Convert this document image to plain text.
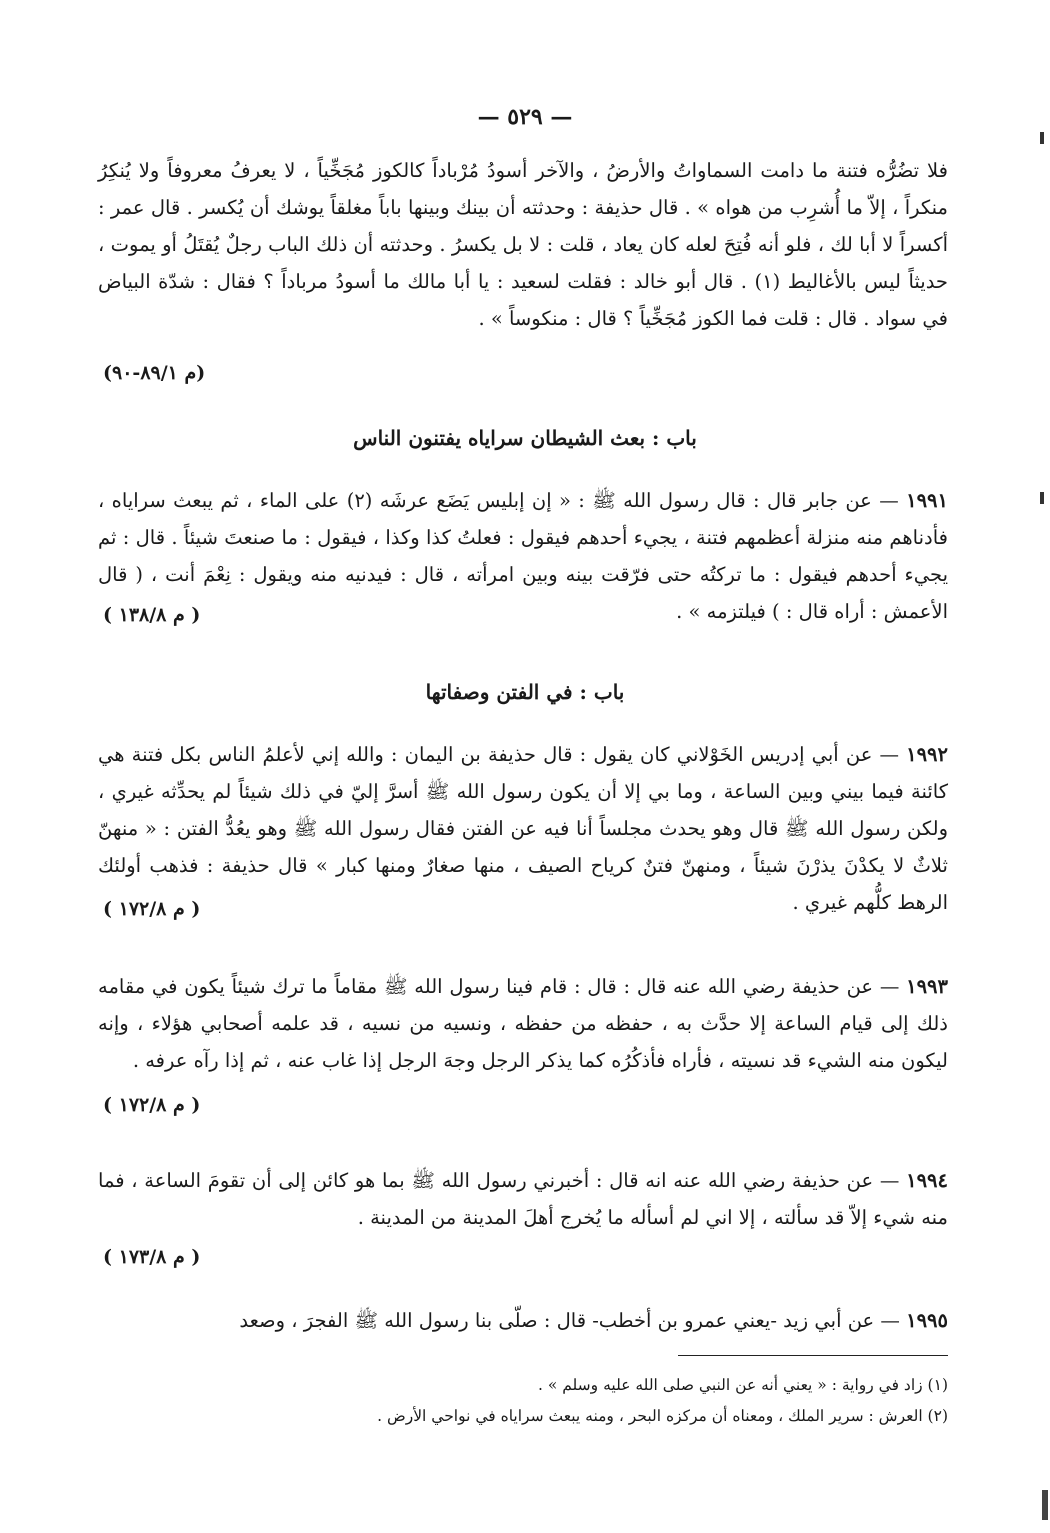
— ٥٢٩ —

فلا تضُرُّه فتنة ما دامت السماواتُ والأرضُ ، والآخر أسودُ مُرْباداً كالكوز مُجَخِّياً ، لا يعرفُ معروفاً ولا يُنكِرُ منكراً ، إلاّ ما أُشرِب من هواه » . قال حذيفة : وحدثته أن بينك وبينها باباً مغلقاً يوشك أن يُكسر . قال عمر : أكسراً لا أبا لك ، فلو أنه فُتِحَ لعله كان يعاد ، قلت : لا بل يكسرُ . وحدثته أن ذلك الباب رجلٌ يُقتَلُ أو يموت ، حديثاً ليس بالأغاليط (١) . قال أبو خالد : فقلت لسعيد : يا أبا مالك ما أسودُ مرباداً ؟ فقال : شدّة البياض في سواد . قال : قلت فما الكوز مُجَخِّياً ؟ قال : منكوساً » .

(م ٨٩/١-٩٠)
باب : بعث الشيطان سراياه يفتنون الناس

١٩٩١ — عن جابر قال : قال رسول الله ﷺ : « إن إبليس يَضَع عرشَه (٢) على الماء ، ثم يبعث سراياه ، فأدناهم منه منزلة أعظمهم فتنة ، يجيء أحدهم فيقول : فعلتُ كذا وكذا ، فيقول : ما صنعتَ شيئاً . قال : ثم يجيء أحدهم فيقول : ما تركتُه حتى فرّقت بينه وبين امرأته ، قال : فيدنيه منه ويقول : نِعْمَ أنت ، ( قال الأعمش : أراه قال : ) فيلتزمه » .

( م ١٣٨/٨ )
باب : في الفتن وصفاتها

١٩٩٢ — عن أبي إدريس الخَوْلاني كان يقول : قال حذيفة بن اليمان : والله إني لأعلمُ الناس بكل فتنة هي كائنة فيما بيني وبين الساعة ، وما بي إلا أن يكون رسول الله ﷺ أسرَّ إليّ في ذلك شيئاً لم يحدِّثه غيري ، ولكن رسول الله ﷺ قال وهو يحدث مجلساً أنا فيه عن الفتن فقال رسول الله ﷺ وهو يعُدُّ الفتن : « منهنّ ثلاثٌ لا يكدْنَ يذرْنَ شيئاً ، ومنهنّ فتنٌ كرياح الصيف ، منها صغارٌ ومنها كبار » قال حذيفة : فذهب أولئك الرهط كلُّهم غيري .

( م ١٧٢/٨ )

١٩٩٣ — عن حذيفة رضي الله عنه قال : قال : قام فينا رسول الله ﷺ مقاماً ما ترك شيئاً يكون في مقامه ذلك إلى قيام الساعة إلا حدَّث به ، حفظه من حفظه ، ونسيه من نسيه ، قد علمه أصحابي هؤلاء ، وإنه ليكون منه الشيء قد نسيته ، فأراه فأذكُرُه كما يذكر الرجل وجهَ الرجل إذا غاب عنه ، ثم إذا رآه عرفه .

( م ١٧٢/٨ )

١٩٩٤ — عن حذيفة رضي الله عنه انه قال : أخبرني رسول الله ﷺ بما هو كائن إلى أن تقومَ الساعة ، فما منه شيء إلاّ قد سألته ، إلا اني لم أسأله ما يُخرج أهلَ المدينة من المدينة .

( م ١٧٣/٨ )

١٩٩٥ — عن أبي زيد -يعني عمرو بن أخطب- قال : صلّى بنا رسول الله ﷺ الفجرَ ، وصعد

(١) زاد في رواية : « يعني أنه عن النبي صلى الله عليه وسلم » .

(٢) العرش : سرير الملك ، ومعناه أن مركزه البحر ، ومنه يبعث سراياه في نواحي الأرض .
